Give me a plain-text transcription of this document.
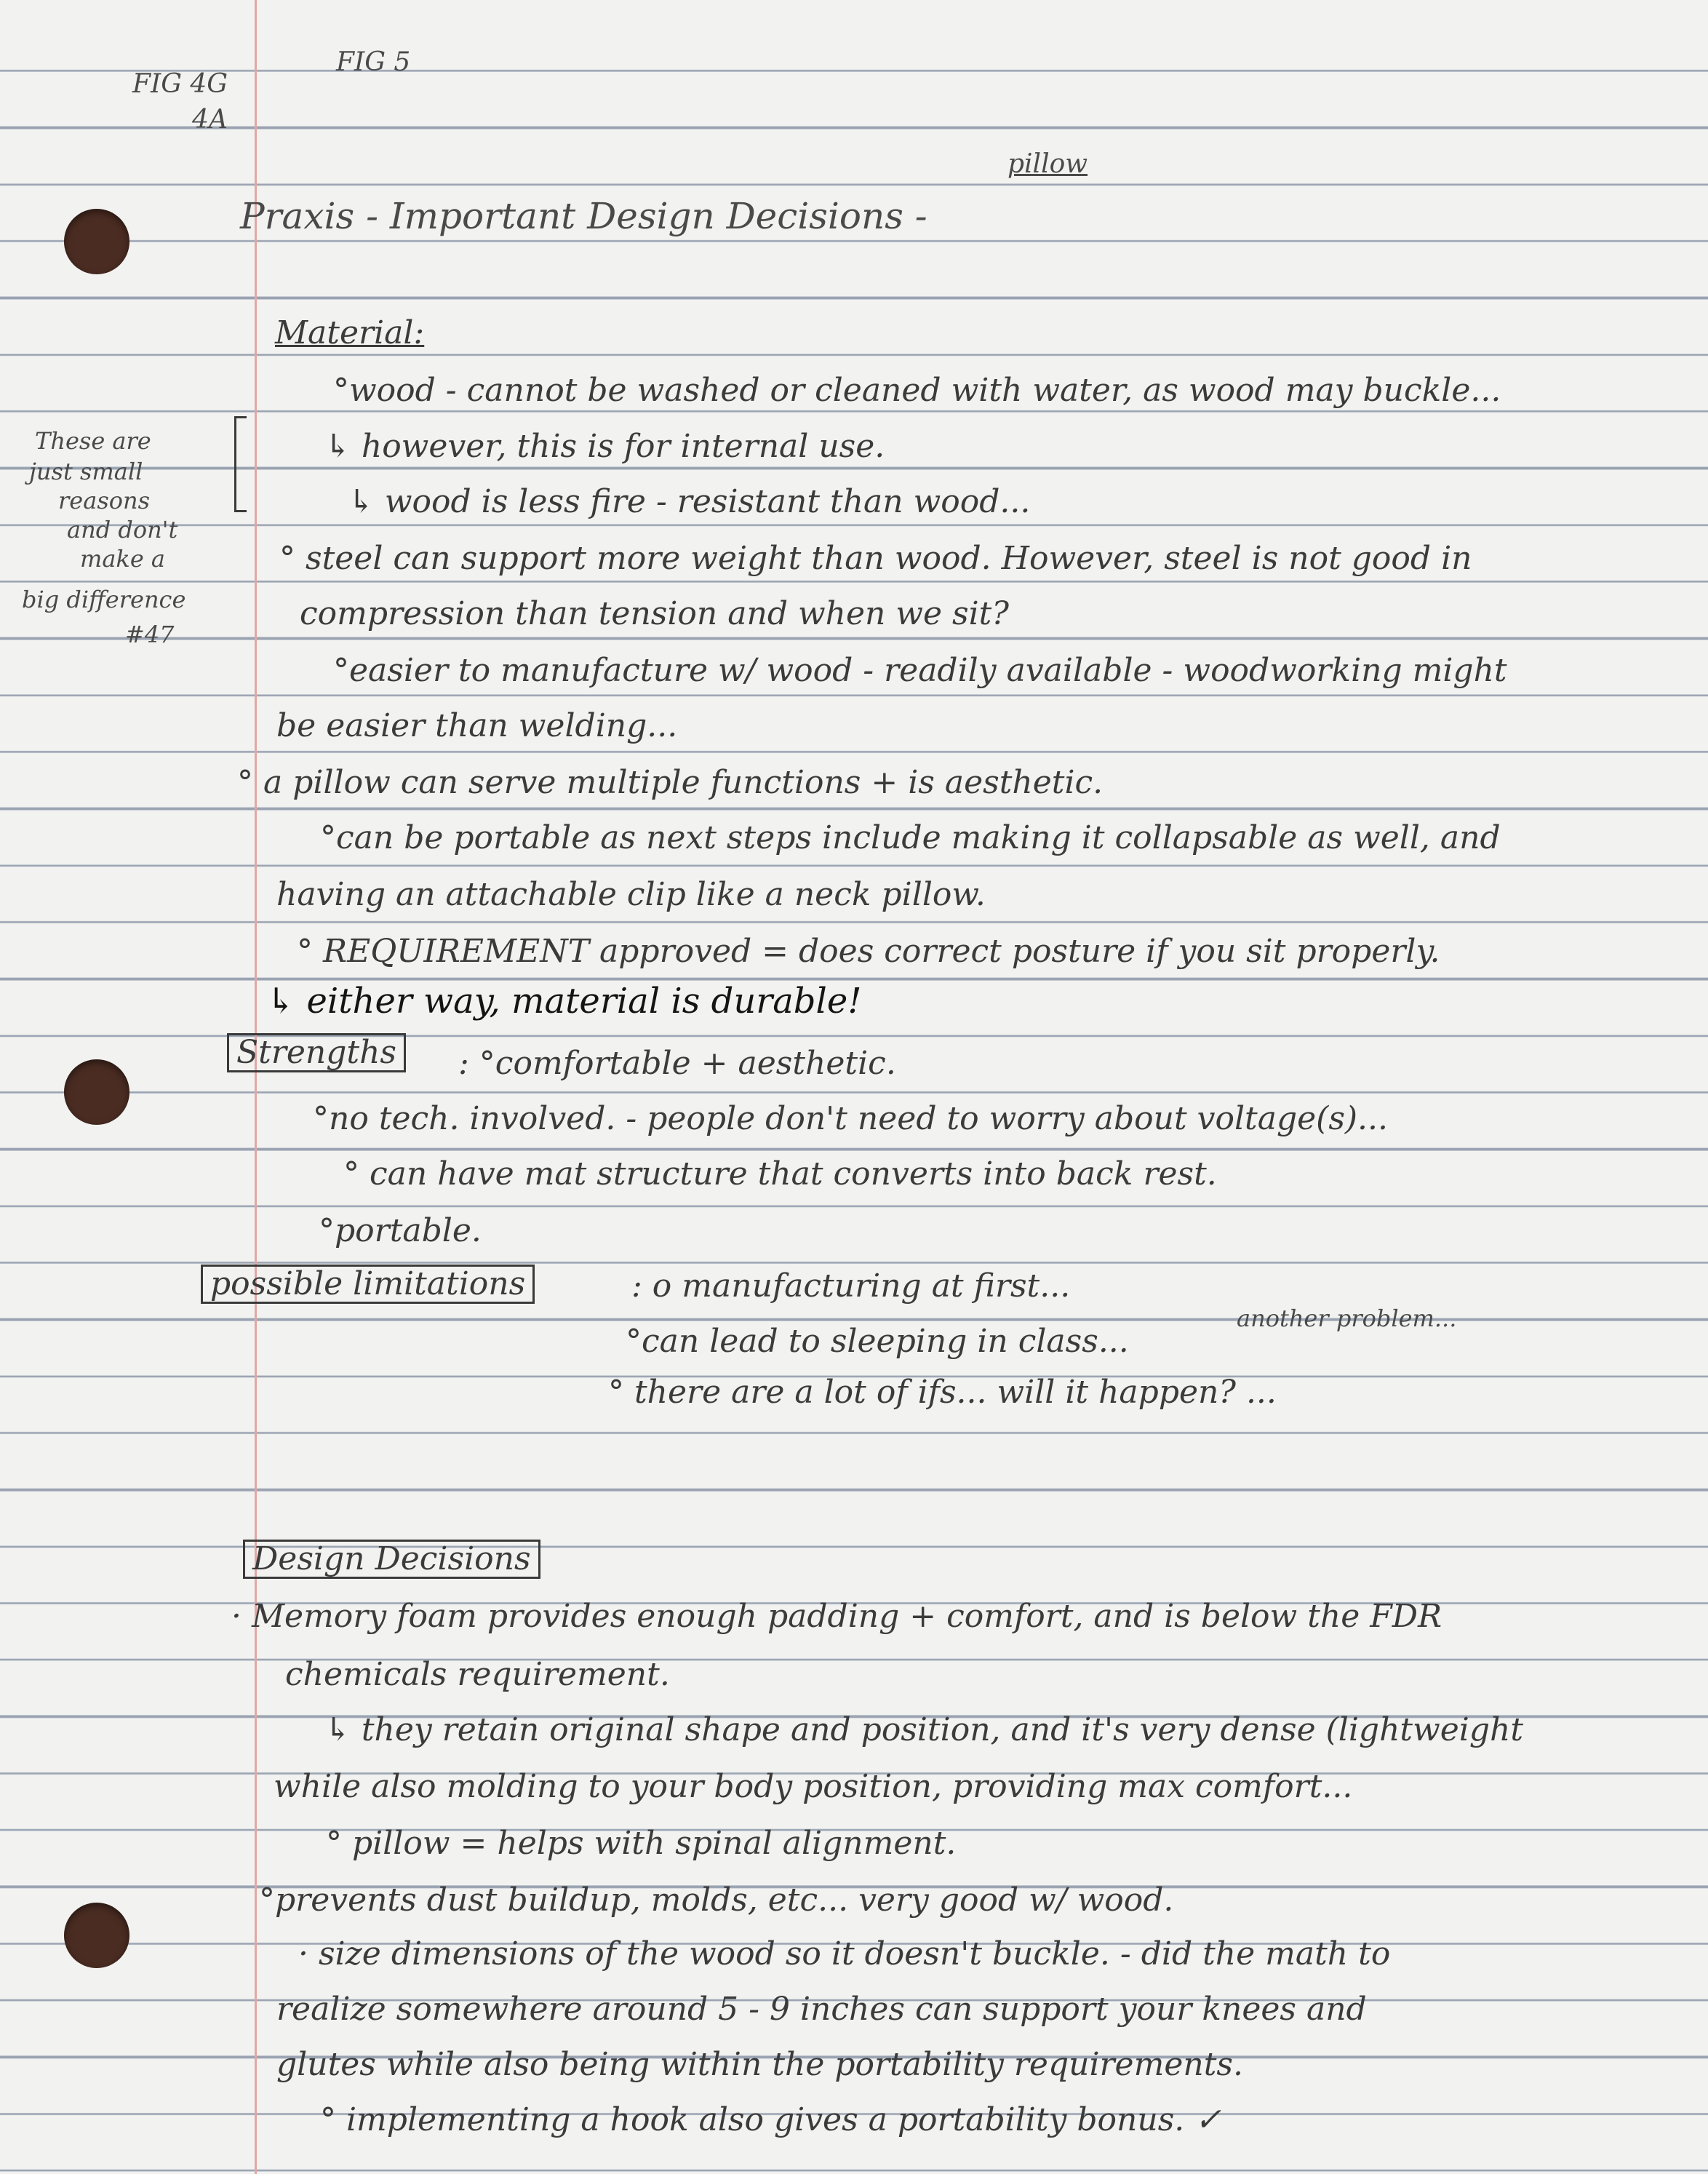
FIG 4G
4A
FIG 5
Praxis - Important Design Decisions -
pillow
These are
just small
reasons
and don't
make a
big difference
#47
Material:
°wood - cannot be washed or cleaned with water, as wood may buckle...
↳ however, this is for internal use.
↳ wood is less fire - resistant than wood...
° steel can support more weight than wood. However, steel is not good in
compression than tension and when we sit?
°easier to manufacture w/ wood - readily available - woodworking might
be easier than welding...
° a pillow can serve multiple functions + is aesthetic.
°can be portable as next steps include making it collapsable as well, and
having an attachable clip like a neck pillow.
° REQUIREMENT approved = does correct posture if you sit properly.
↳ either way, material is durable!
Strengths : °comfortable + aesthetic.
°no tech. involved. - people don't need to worry about voltage(s)...
° can have mat structure that converts into back rest.
°portable.
possible limitations	: o manufacturing at first...
°can lead to sleeping in class...
another problem...
° there are a lot of ifs... will it happen? ...
Design Decisions
· Memory foam provides enough padding + comfort, and is below the FDR
chemicals requirement.
↳ they retain original shape and position, and it's very dense (lightweight
while also molding to your body position, providing max comfort...
° pillow = helps with spinal alignment.
°prevents dust buildup, molds, etc... very good w/ wood.
· size dimensions of the wood so it doesn't buckle. - did the math to
realize somewhere around 5 - 9 inches can support your knees and
glutes while also being within the portability requirements.
° implementing a hook also gives a portability bonus. ✓
